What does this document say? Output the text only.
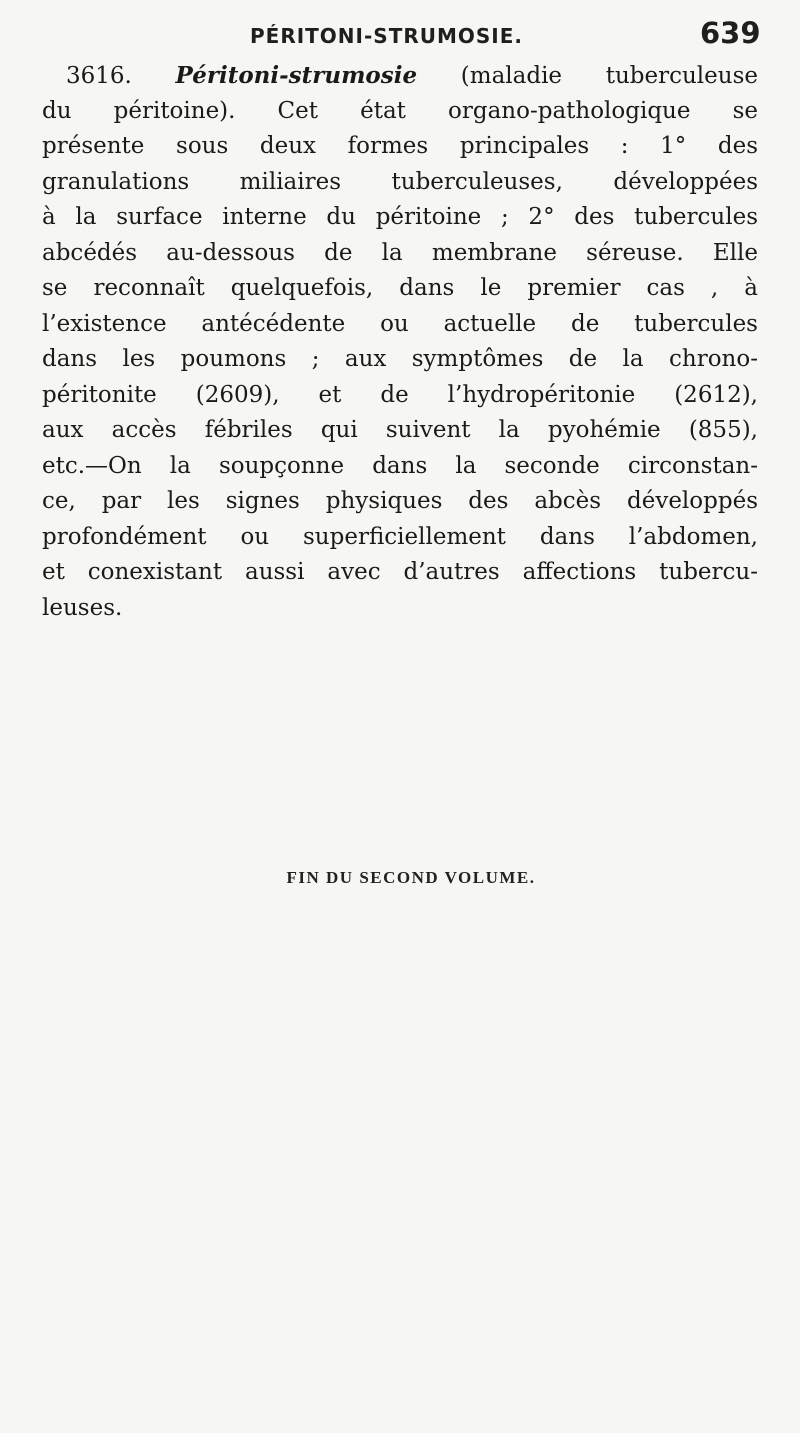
PÉRITONI-STRUMOSIE.	639
3616. Péritoni-strumosie (maladie tuberculeuse
du péritoine). Cet état organo-pathologique se
présente sous deux formes principales : 1° des
granulations miliaires tuberculeuses, développées
à la surface interne du péritoine ; 2° des tubercules
abcédés au-dessous de la membrane séreuse. Elle
se reconnaît quelquefois, dans le premier cas , à
l’existence antécédente ou actuelle de tubercules
dans les poumons ; aux symptômes de la chrono-
péritonite (2609), et de l’hydropéritonie (2612),
aux accès fébriles qui suivent la pyohémie (855),
etc.—On la soupçonne dans la seconde circonstan-
ce, par les signes physiques des abcès développés
profondément ou superficiellement dans l’abdomen,
et conexistant aussi avec d’autres affections tubercu-
leuses.
FIN DU SECOND VOLUME.
